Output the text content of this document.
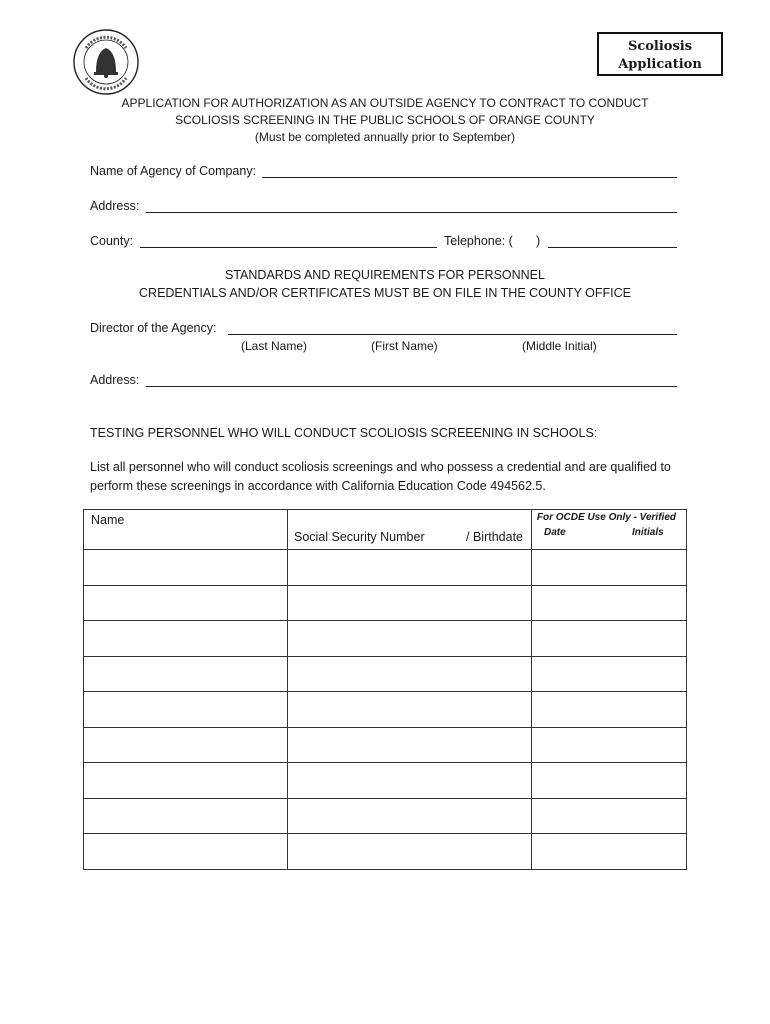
Scoliosis
Application
APPLICATION FOR AUTHORIZATION AS AN OUTSIDE AGENCY TO CONTRACT TO CONDUCT
SCOLIOSIS SCREENING IN THE PUBLIC SCHOOLS OF ORANGE COUNTY
(Must be completed annually prior to September)
Name of Agency of Company:
Address:
County:	Telephone: ( )
STANDARDS AND REQUIREMENTS FOR PERSONNEL
CREDENTIALS AND/OR CERTIFICATES MUST BE ON FILE IN THE COUNTY OFFICE
Director of the Agency:
(Last Name)	(First Name)	(Middle Initial)
Address:
TESTING PERSONNEL WHO WILL CONDUCT SCOLIOSIS SCREEENING IN SCHOOLS:
List all personnel who will conduct scoliosis screenings and who possess a credential and are qualified to perform these screenings in accordance with California Education Code 494562.5.
Name	Social Security Number / Birthdate	For OCDE Use Only - Verified
Date Initials
